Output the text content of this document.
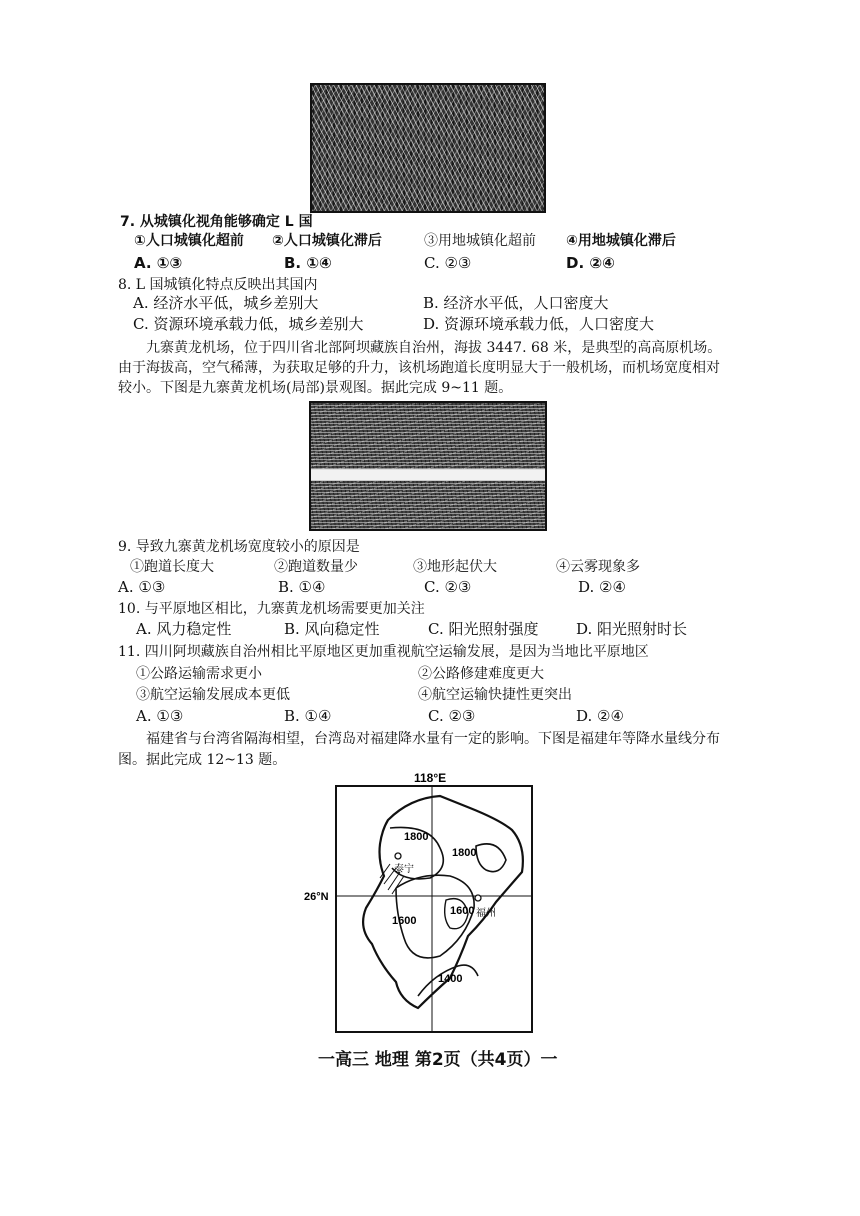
7. 从城镇化视角能够确定 L 国
①人口城镇化超前 ②人口城镇化滞后	③用地城镇化超前 ④用地城镇化滞后
A. ①③	B. ①④	C. ②③	D. ②④
8. L 国城镇化特点反映出其国内
A. 经济水平低，城乡差别大	B. 经济水平低，人口密度大
C. 资源环境承载力低，城乡差别大	D. 资源环境承载力低，人口密度大
九寨黄龙机场，位于四川省北部阿坝藏族自治州，海拔 3447. 68 米，是典型的高高原机场。
由于海拔高，空气稀薄，为获取足够的升力，该机场跑道长度明显大于一般机场，而机场宽度相对
较小。下图是九寨黄龙机场(局部)景观图。据此完成 9~11 题。
9. 导致九寨黄龙机场宽度较小的原因是
①跑道长度大	②跑道数量少	③地形起伏大	④云雾现象多
A. ①③	B. ①④	C. ②③	D. ②④
10. 与平原地区相比，九寨黄龙机场需要更加关注
A. 风力稳定性	B. 风向稳定性	C. 阳光照射强度	D. 阳光照射时长
11. 四川阿坝藏族自治州相比平原地区更加重视航空运输发展，是因为当地比平原地区
①公路运输需求更小	②公路修建难度更大
③航空运输发展成本更低	④航空运输快捷性更突出
A. ①③	B. ①④	C. ②③	D. ②④
福建省与台湾省隔海相望，台湾岛对福建降水量有一定的影响。下图是福建年等降水量线分布
图。据此完成 12~13 题。
118°E
1800
1800
1600
1600
1400
泰宁
福州
26°N
一高三 地理 第2页（共4页）一
